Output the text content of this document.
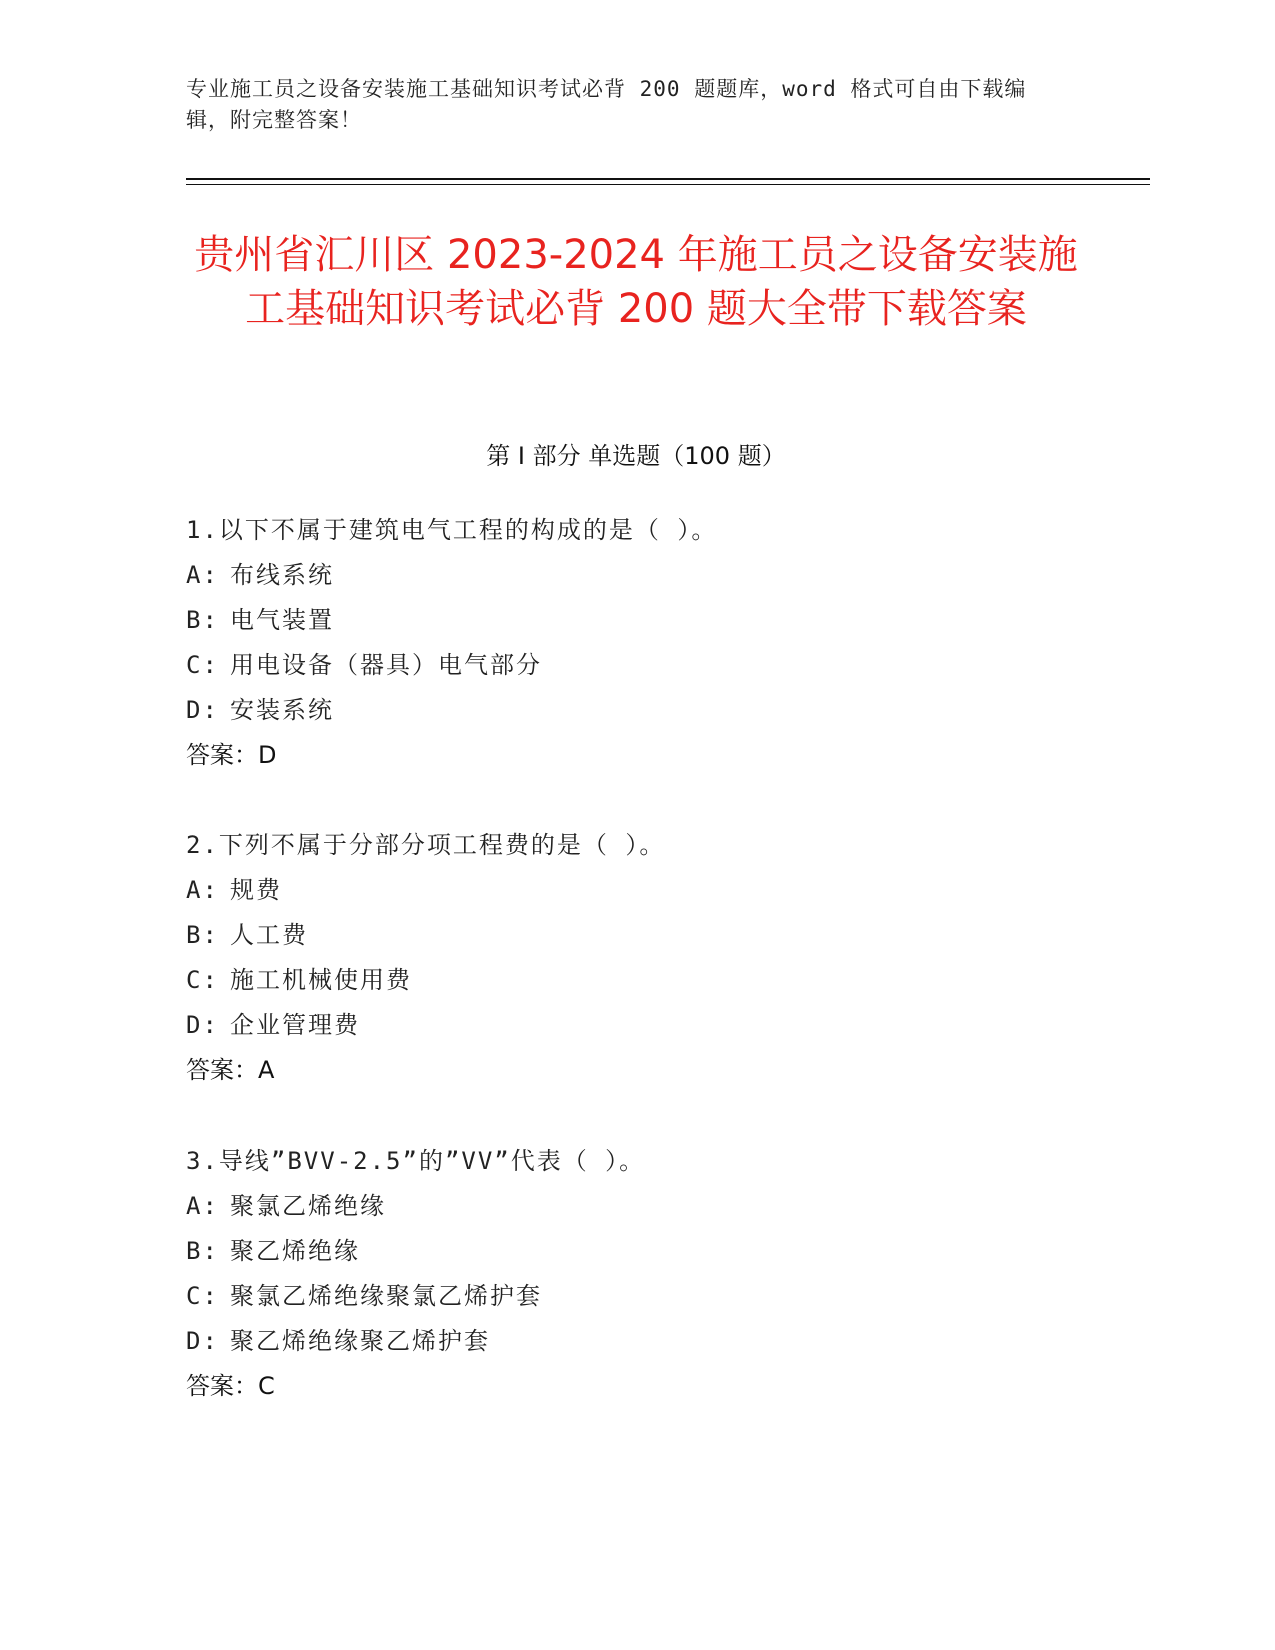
专业施工员之设备安装施工基础知识考试必背 200 题题库，word 格式可自由下载编辑，附完整答案！
贵州省汇川区 2023-2024 年施工员之设备安装施工基础知识考试必背 200 题大全带下载答案
第 I 部分 单选题（100 题）
1.以下不属于建筑电气工程的构成的是（ ）。
A: 布线系统
B: 电气装置
C: 用电设备（器具）电气部分
D: 安装系统
答案：D
2.下列不属于分部分项工程费的是（ ）。
A: 规费
B: 人工费
C: 施工机械使用费
D: 企业管理费
答案：A
3.导线”BVV-2.5”的”VV”代表（ ）。
A: 聚氯乙烯绝缘
B: 聚乙烯绝缘
C: 聚氯乙烯绝缘聚氯乙烯护套
D: 聚乙烯绝缘聚乙烯护套
答案：C
